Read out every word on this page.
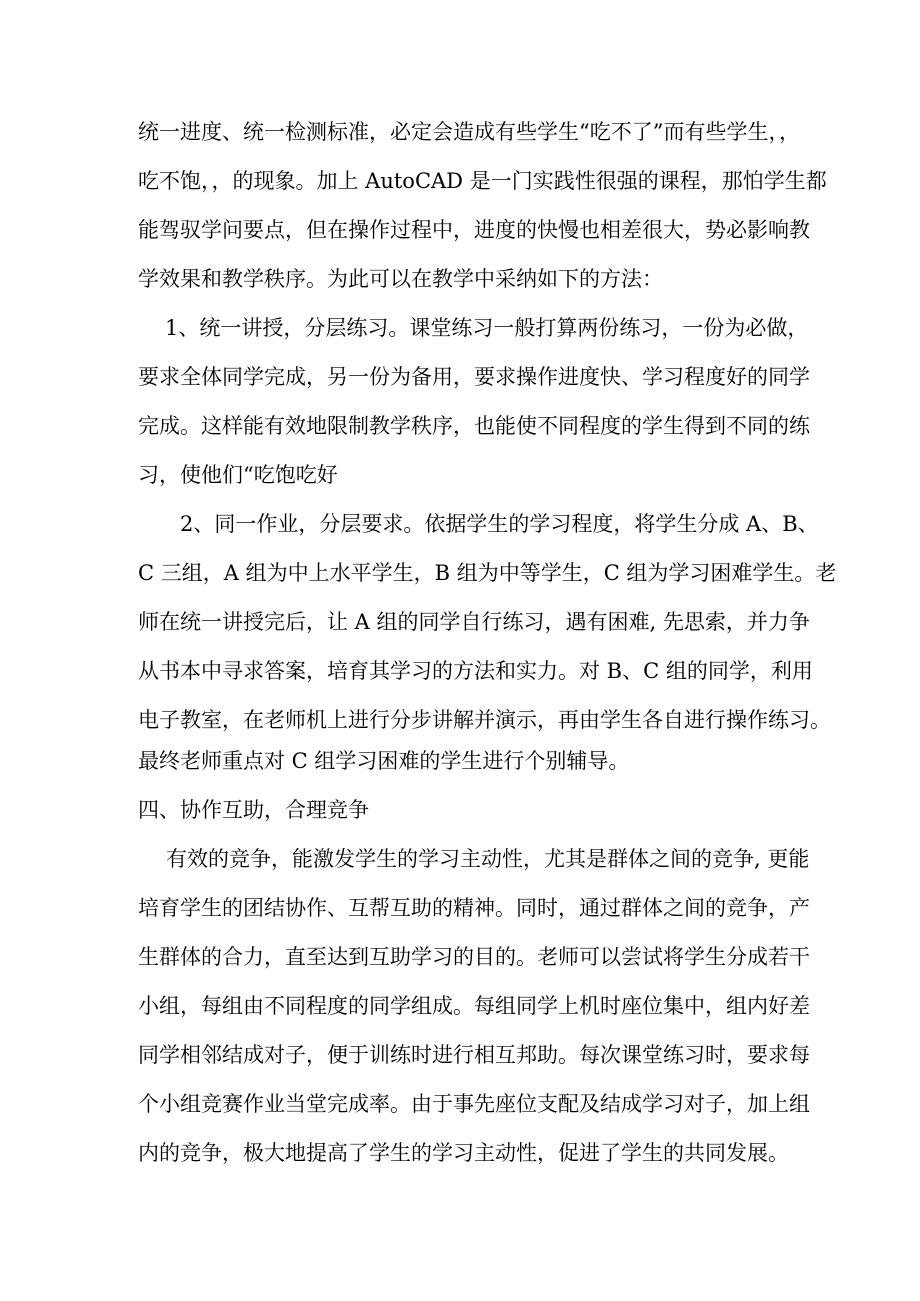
统一进度、统一检测标准，必定会造成有些学生“吃不了”而有些学生，，

吃不饱，，的现象。加上 AutoCAD 是一门实践性很强的课程，那怕学生都

能驾驭学问要点，但在操作过程中，进度的快慢也相差很大，势必影响教

学效果和教学秩序。为此可以在教学中采纳如下的方法：

1、统一讲授，分层练习。课堂练习一般打算两份练习，一份为必做，

要求全体同学完成，另一份为备用，要求操作进度快、学习程度好的同学

完成。这样能有效地限制教学秩序，也能使不同程度的学生得到不同的练

习，使他们“吃饱吃好

2、同一作业，分层要求。依据学生的学习程度，将学生分成 A、B、

C 三组，A 组为中上水平学生，B 组为中等学生，C 组为学习困难学生。老

师在统一讲授完后，让 A 组的同学自行练习，遇有困难, 先思索，并力争

从书本中寻求答案，培育其学习的方法和实力。对 B、C 组的同学，利用

电子教室，在老师机上进行分步讲解并演示，再由学生各自进行操作练习。

最终老师重点对 C 组学习困难的学生进行个别辅导。

四、协作互助，合理竞争

有效的竞争，能激发学生的学习主动性，尤其是群体之间的竞争, 更能

培育学生的团结协作、互帮互助的精神。同时，通过群体之间的竞争，产

生群体的合力，直至达到互助学习的目的。老师可以尝试将学生分成若干

小组，每组由不同程度的同学组成。每组同学上机时座位集中，组内好差

同学相邻结成对子，便于训练时进行相互邦助。每次课堂练习时，要求每

个小组竞赛作业当堂完成率。由于事先座位支配及结成学习对子，加上组

内的竞争，极大地提高了学生的学习主动性，促进了学生的共同发展。
